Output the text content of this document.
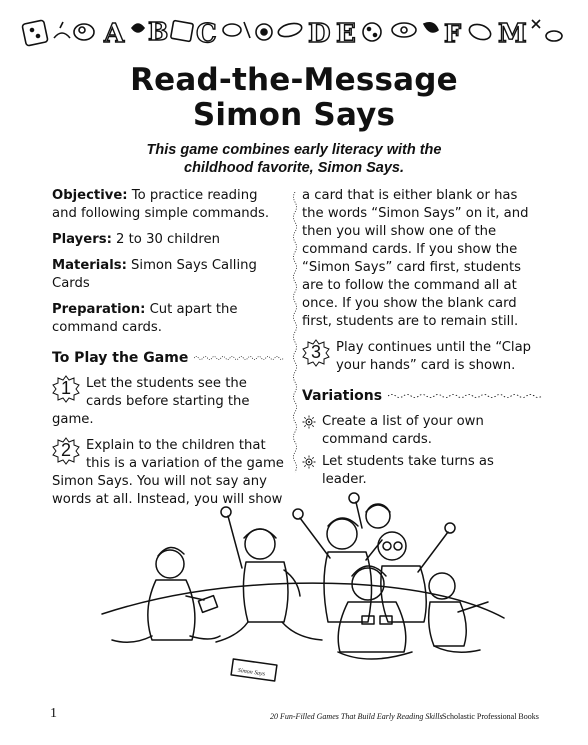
A B C	D E	F M
Read-the-Message
Simon Says
This game combines early literacy with the
childhood favorite, Simon Says.

Objective: To practice reading and following simple commands.

Players: 2 to 30 children

Materials: Simon Says Calling Cards

Preparation: Cut apart the command cards.

To Play the Game
1	Let the students see the cards before starting the game.
2	Explain to the children that this is a variation of the game Simon Says. You will not say any words at all. Instead, you will show

a card that is either blank or has the words “Simon Says” on it, and then you will show one of the command cards. If you show the “Simon Says” card first, students are to follow the command all at once. If you show the blank card first, students are to remain still.

3	Play continues until the “Clap your hands” card is shown.
Variations
Create a list of your own command cards.
Let students take turns as leader.
Simon Says
1	20 Fun-Filled Games That Build Early Reading Skills Scholastic Professional Books
